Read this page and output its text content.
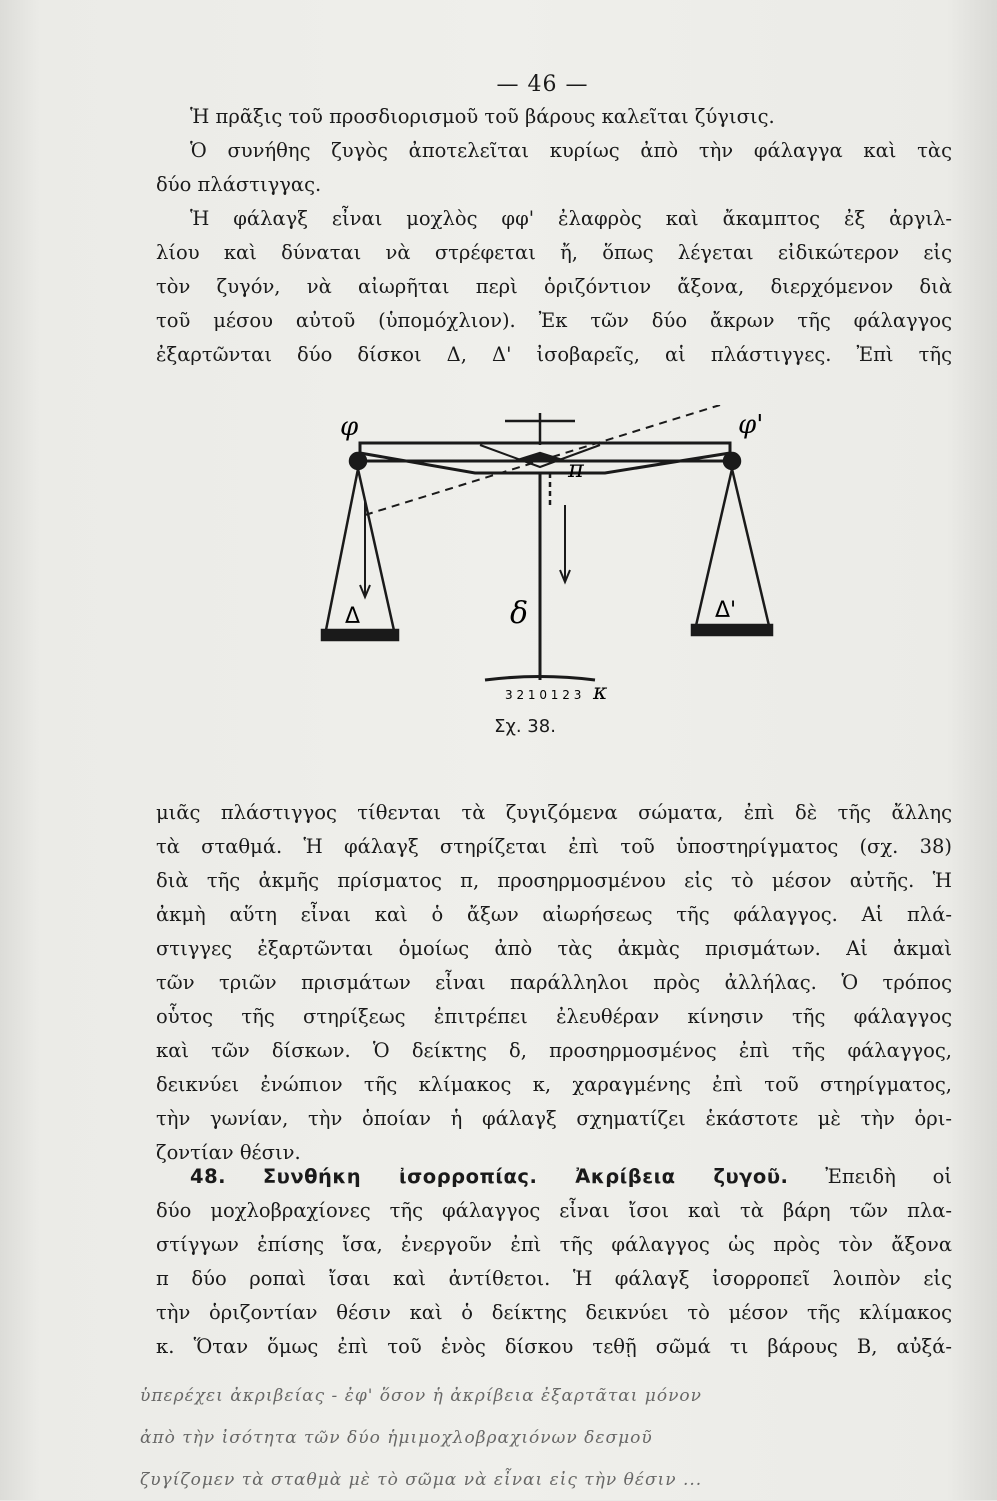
— 46 —
Ἡ πρᾶξις τοῦ προσδιορισμοῦ τοῦ βάρους καλεῖται ζύγισις.
Ὁ συνήθης ζυγὸς ἀποτελεῖται κυρίως ἀπὸ τὴν φάλαγγα καὶ τὰς
δύο πλάστιγγας.
Ἡ φάλαγξ εἶναι μοχλὸς φφ' ἐλαφρὸς καὶ ἄκαμπτος ἐξ ἀργιλ-
λίου καὶ δύναται νὰ στρέφεται ἤ, ὅπως λέγεται εἰδικώτερον εἰς
τὸν ζυγόν, νὰ αἰωρῆται περὶ ὁριζόντιον ἄξονα, διερχόμενον διὰ
τοῦ μέσου αὐτοῦ (ὑπομόχλιον). Ἐκ τῶν δύο ἄκρων τῆς φάλαγγος
ἐξαρτῶνται δύο δίσκοι Δ, Δ' ἰσοβαρεῖς, αἱ πλάστιγγες. Ἐπὶ τῆς
φ	φ'
π
δ
Δ	Δ'
3 2 1 0 1 2 3 κ
Σχ. 38.
μιᾶς πλάστιγγος τίθενται τὰ ζυγιζόμενα σώματα, ἐπὶ δὲ τῆς ἄλλης
τὰ σταθμά. Ἡ φάλαγξ στηρίζεται ἐπὶ τοῦ ὑποστηρίγματος (σχ. 38)
διὰ τῆς ἀκμῆς πρίσματος π, προσηρμοσμένου εἰς τὸ μέσον αὐτῆς. Ἡ
ἀκμὴ αὕτη εἶναι καὶ ὁ ἄξων αἰωρήσεως τῆς φάλαγγος. Αἱ πλά-
στιγγες ἐξαρτῶνται ὁμοίως ἀπὸ τὰς ἀκμὰς πρισμάτων. Αἱ ἀκμαὶ
τῶν τριῶν πρισμάτων εἶναι παράλληλοι πρὸς ἀλλήλας. Ὁ τρόπος
οὗτος τῆς στηρίξεως ἐπιτρέπει ἐλευθέραν κίνησιν τῆς φάλαγγος
καὶ τῶν δίσκων. Ὁ δείκτης δ, προσηρμοσμένος ἐπὶ τῆς φάλαγγος,
δεικνύει ἐνώπιον τῆς κλίμακος κ, χαραγμένης ἐπὶ τοῦ στηρίγματος,
τὴν γωνίαν, τὴν ὁποίαν ἡ φάλαγξ σχηματίζει ἑκάστοτε μὲ τὴν ὁρι-
ζοντίαν θέσιν.
48. Συνθήκη ἰσορροπίας. Ἀκρίβεια ζυγοῦ. Ἐπειδὴ οἱ
δύο μοχλοβραχίονες τῆς φάλαγγος εἶναι ἴσοι καὶ τὰ βάρη τῶν πλα-
στίγγων ἐπίσης ἴσα, ἐνεργοῦν ἐπὶ τῆς φάλαγγος ὡς πρὸς τὸν ἄξονα
π δύο ροπαὶ ἴσαι καὶ ἀντίθετοι. Ἡ φάλαγξ ἰσορροπεῖ λοιπὸν εἰς
τὴν ὁριζοντίαν θέσιν καὶ ὁ δείκτης δεικνύει τὸ μέσον τῆς κλίμακος
κ. Ὅταν ὅμως ἐπὶ τοῦ ἑνὸς δίσκου τεθῇ σῶμά τι βάρους Β, αὐξά-
ὑπερέχει ἀκριβείας - ἐφ' ὅσον ἡ ἀκρίβεια ἐξαρτᾶται μόνον
ἀπὸ τὴν ἰσότητα τῶν δύο ἡμιμοχλοβραχιόνων δεσμοῦ
ζυγίζομεν τὰ σταθμὰ μὲ τὸ σῶμα νὰ εἶναι εἰς τὴν θέσιν ...
